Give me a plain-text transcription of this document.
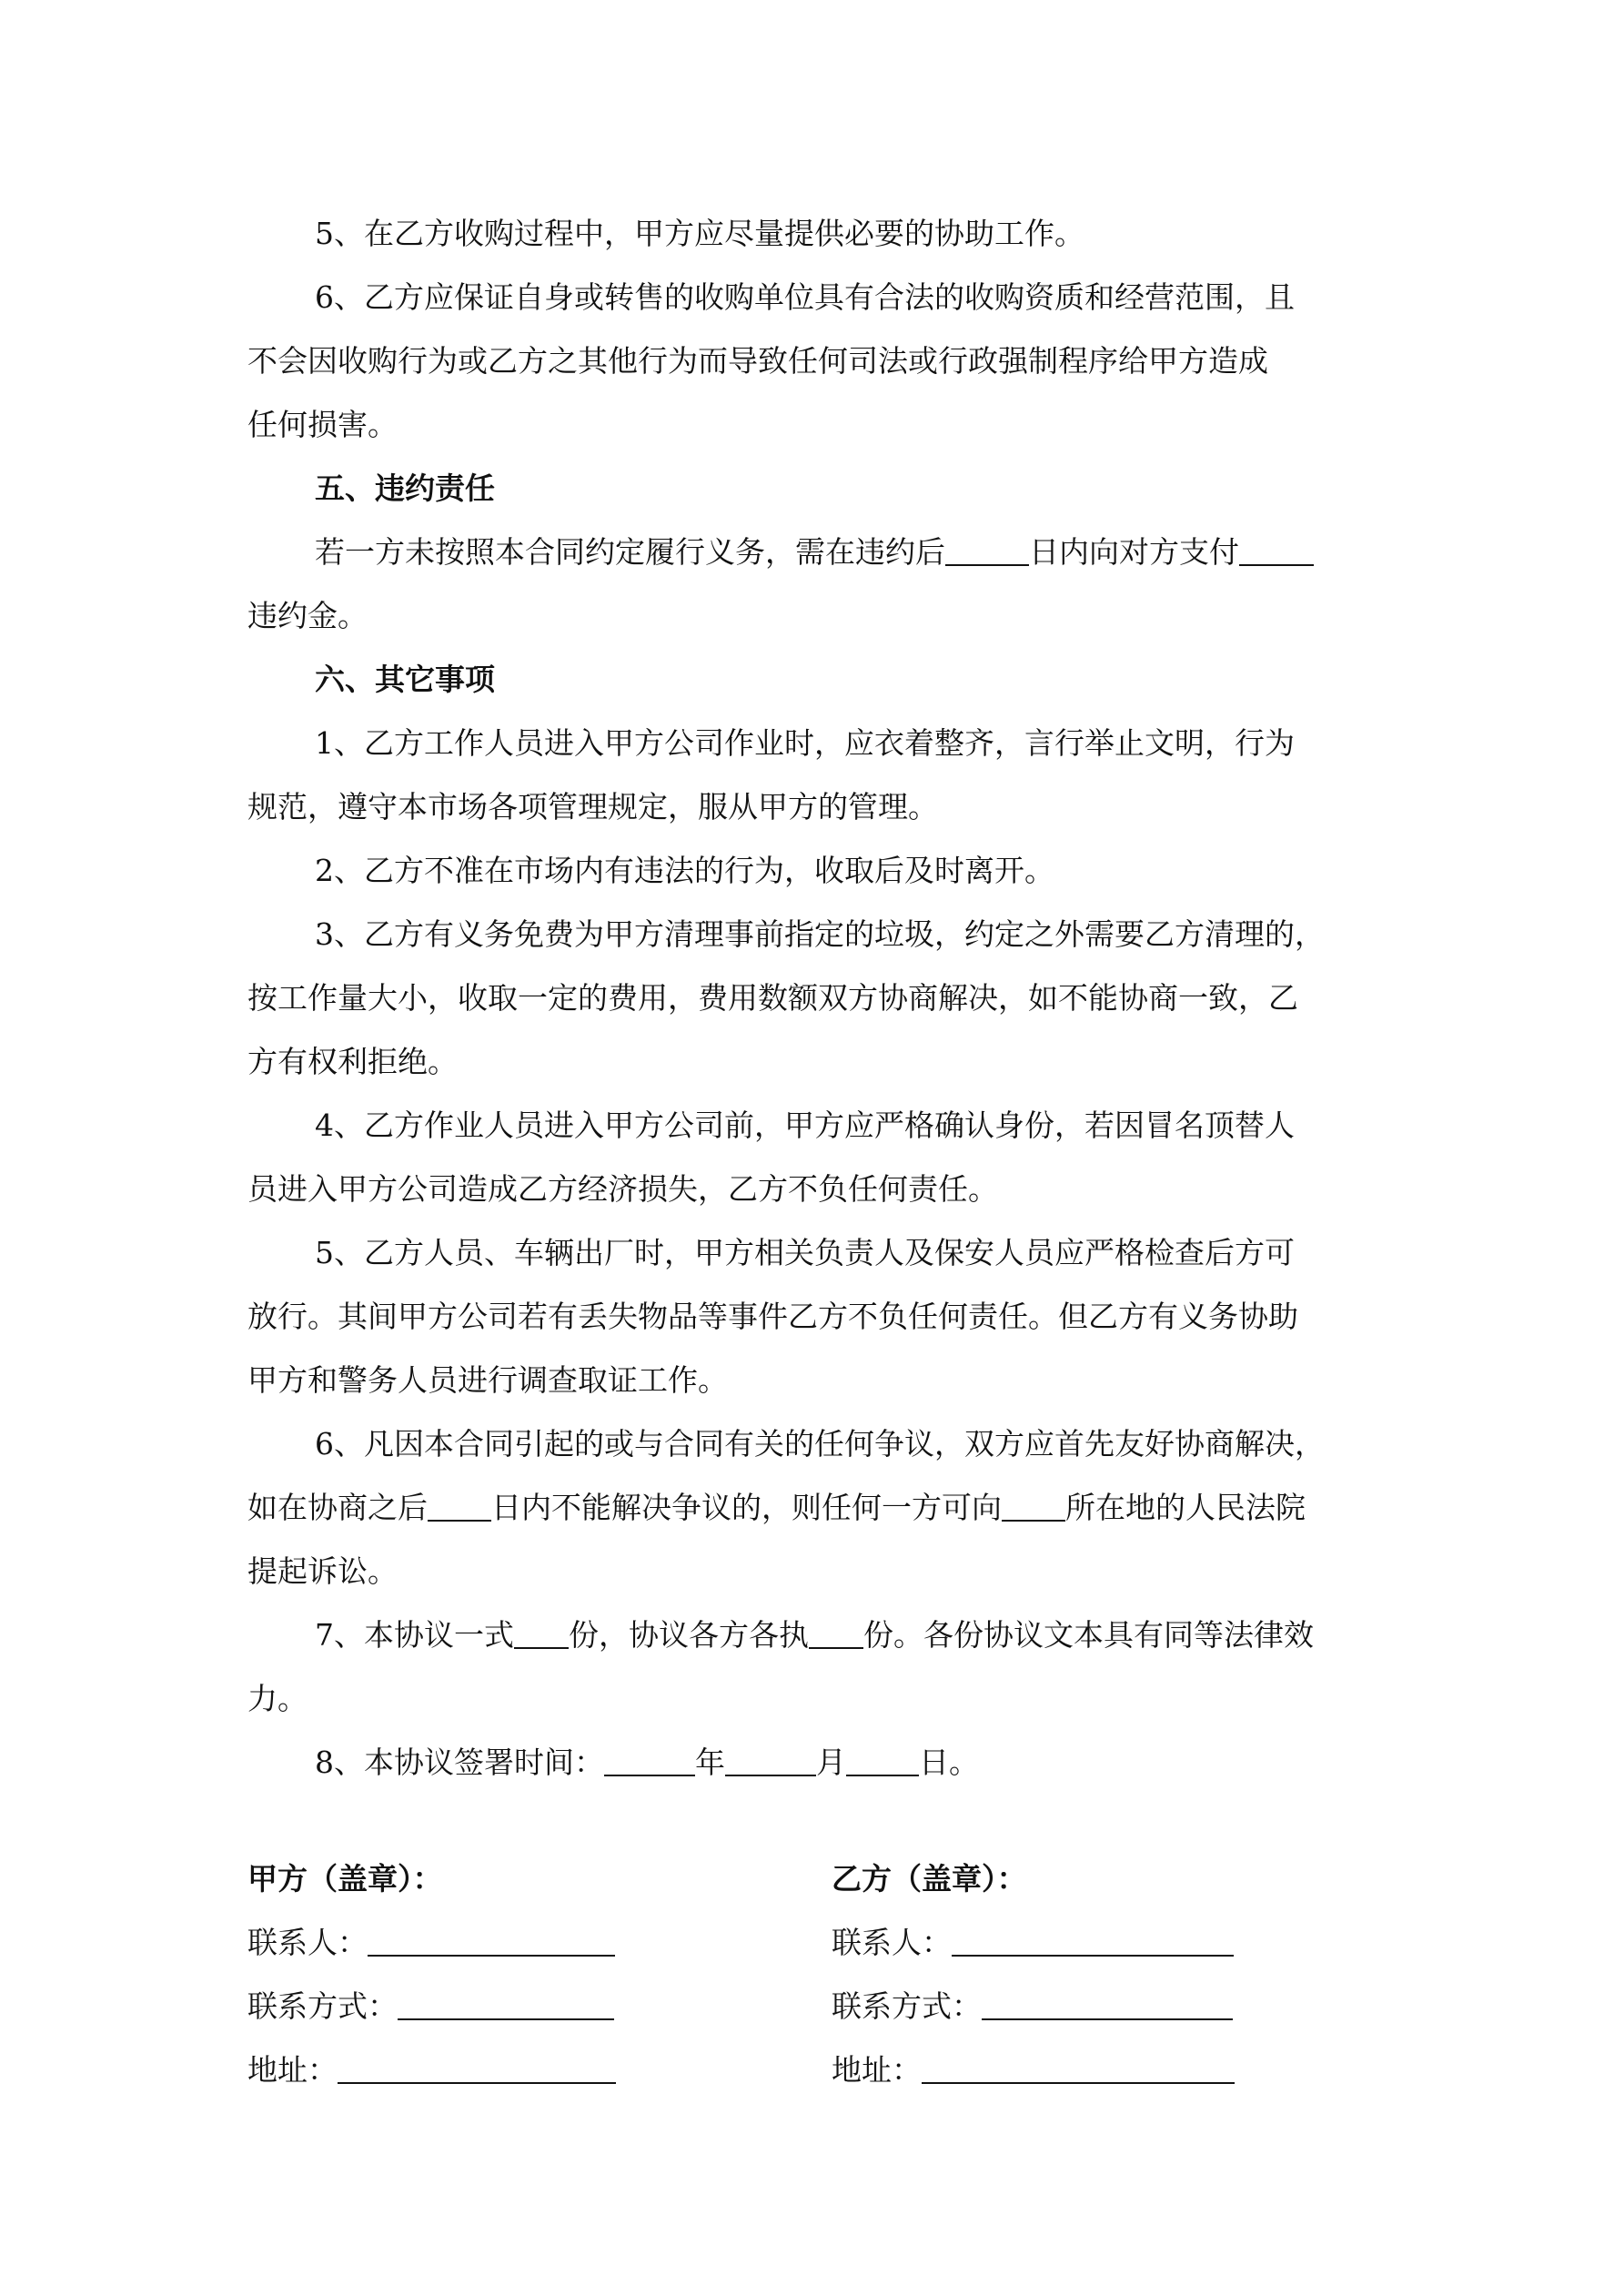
5、在乙方收购过程中，甲方应尽量提供必要的协助工作。

6、乙方应保证自身或转售的收购单位具有合法的收购资质和经营范围，且

不会因收购行为或乙方之其他行为而导致任何司法或行政强制程序给甲方造成

任何损害。

五、违约责任

若一方未按照本合同约定履行义务，需在违约后	日内向对方支付

违约金。

六、其它事项

1、乙方工作人员进入甲方公司作业时，应衣着整齐，言行举止文明，行为

规范，遵守本市场各项管理规定，服从甲方的管理。

2、乙方不准在市场内有违法的行为，收取后及时离开。

3、乙方有义务免费为甲方清理事前指定的垃圾，约定之外需要乙方清理的，

按工作量大小，收取一定的费用，费用数额双方协商解决，如不能协商一致，乙

方有权利拒绝。

4、乙方作业人员进入甲方公司前，甲方应严格确认身份，若因冒名顶替人

员进入甲方公司造成乙方经济损失，乙方不负任何责任。

5、乙方人员、车辆出厂时，甲方相关负责人及保安人员应严格检查后方可

放行。其间甲方公司若有丢失物品等事件乙方不负任何责任。但乙方有义务协助

甲方和警务人员进行调查取证工作。

6、凡因本合同引起的或与合同有关的任何争议，双方应首先友好协商解决，

如在协商之后 日内不能解决争议的，则任何一方可向 所在地的人民法院

提起诉讼。

7、本协议一式 份，协议各方各执 份。各份协议文本具有同等法律效

力。

8、本协议签署时间：	年	月 日。

甲方（盖章）：
联系人：
联系方式：
地址：
乙方（盖章）：
联系人：
联系方式：
地址：
